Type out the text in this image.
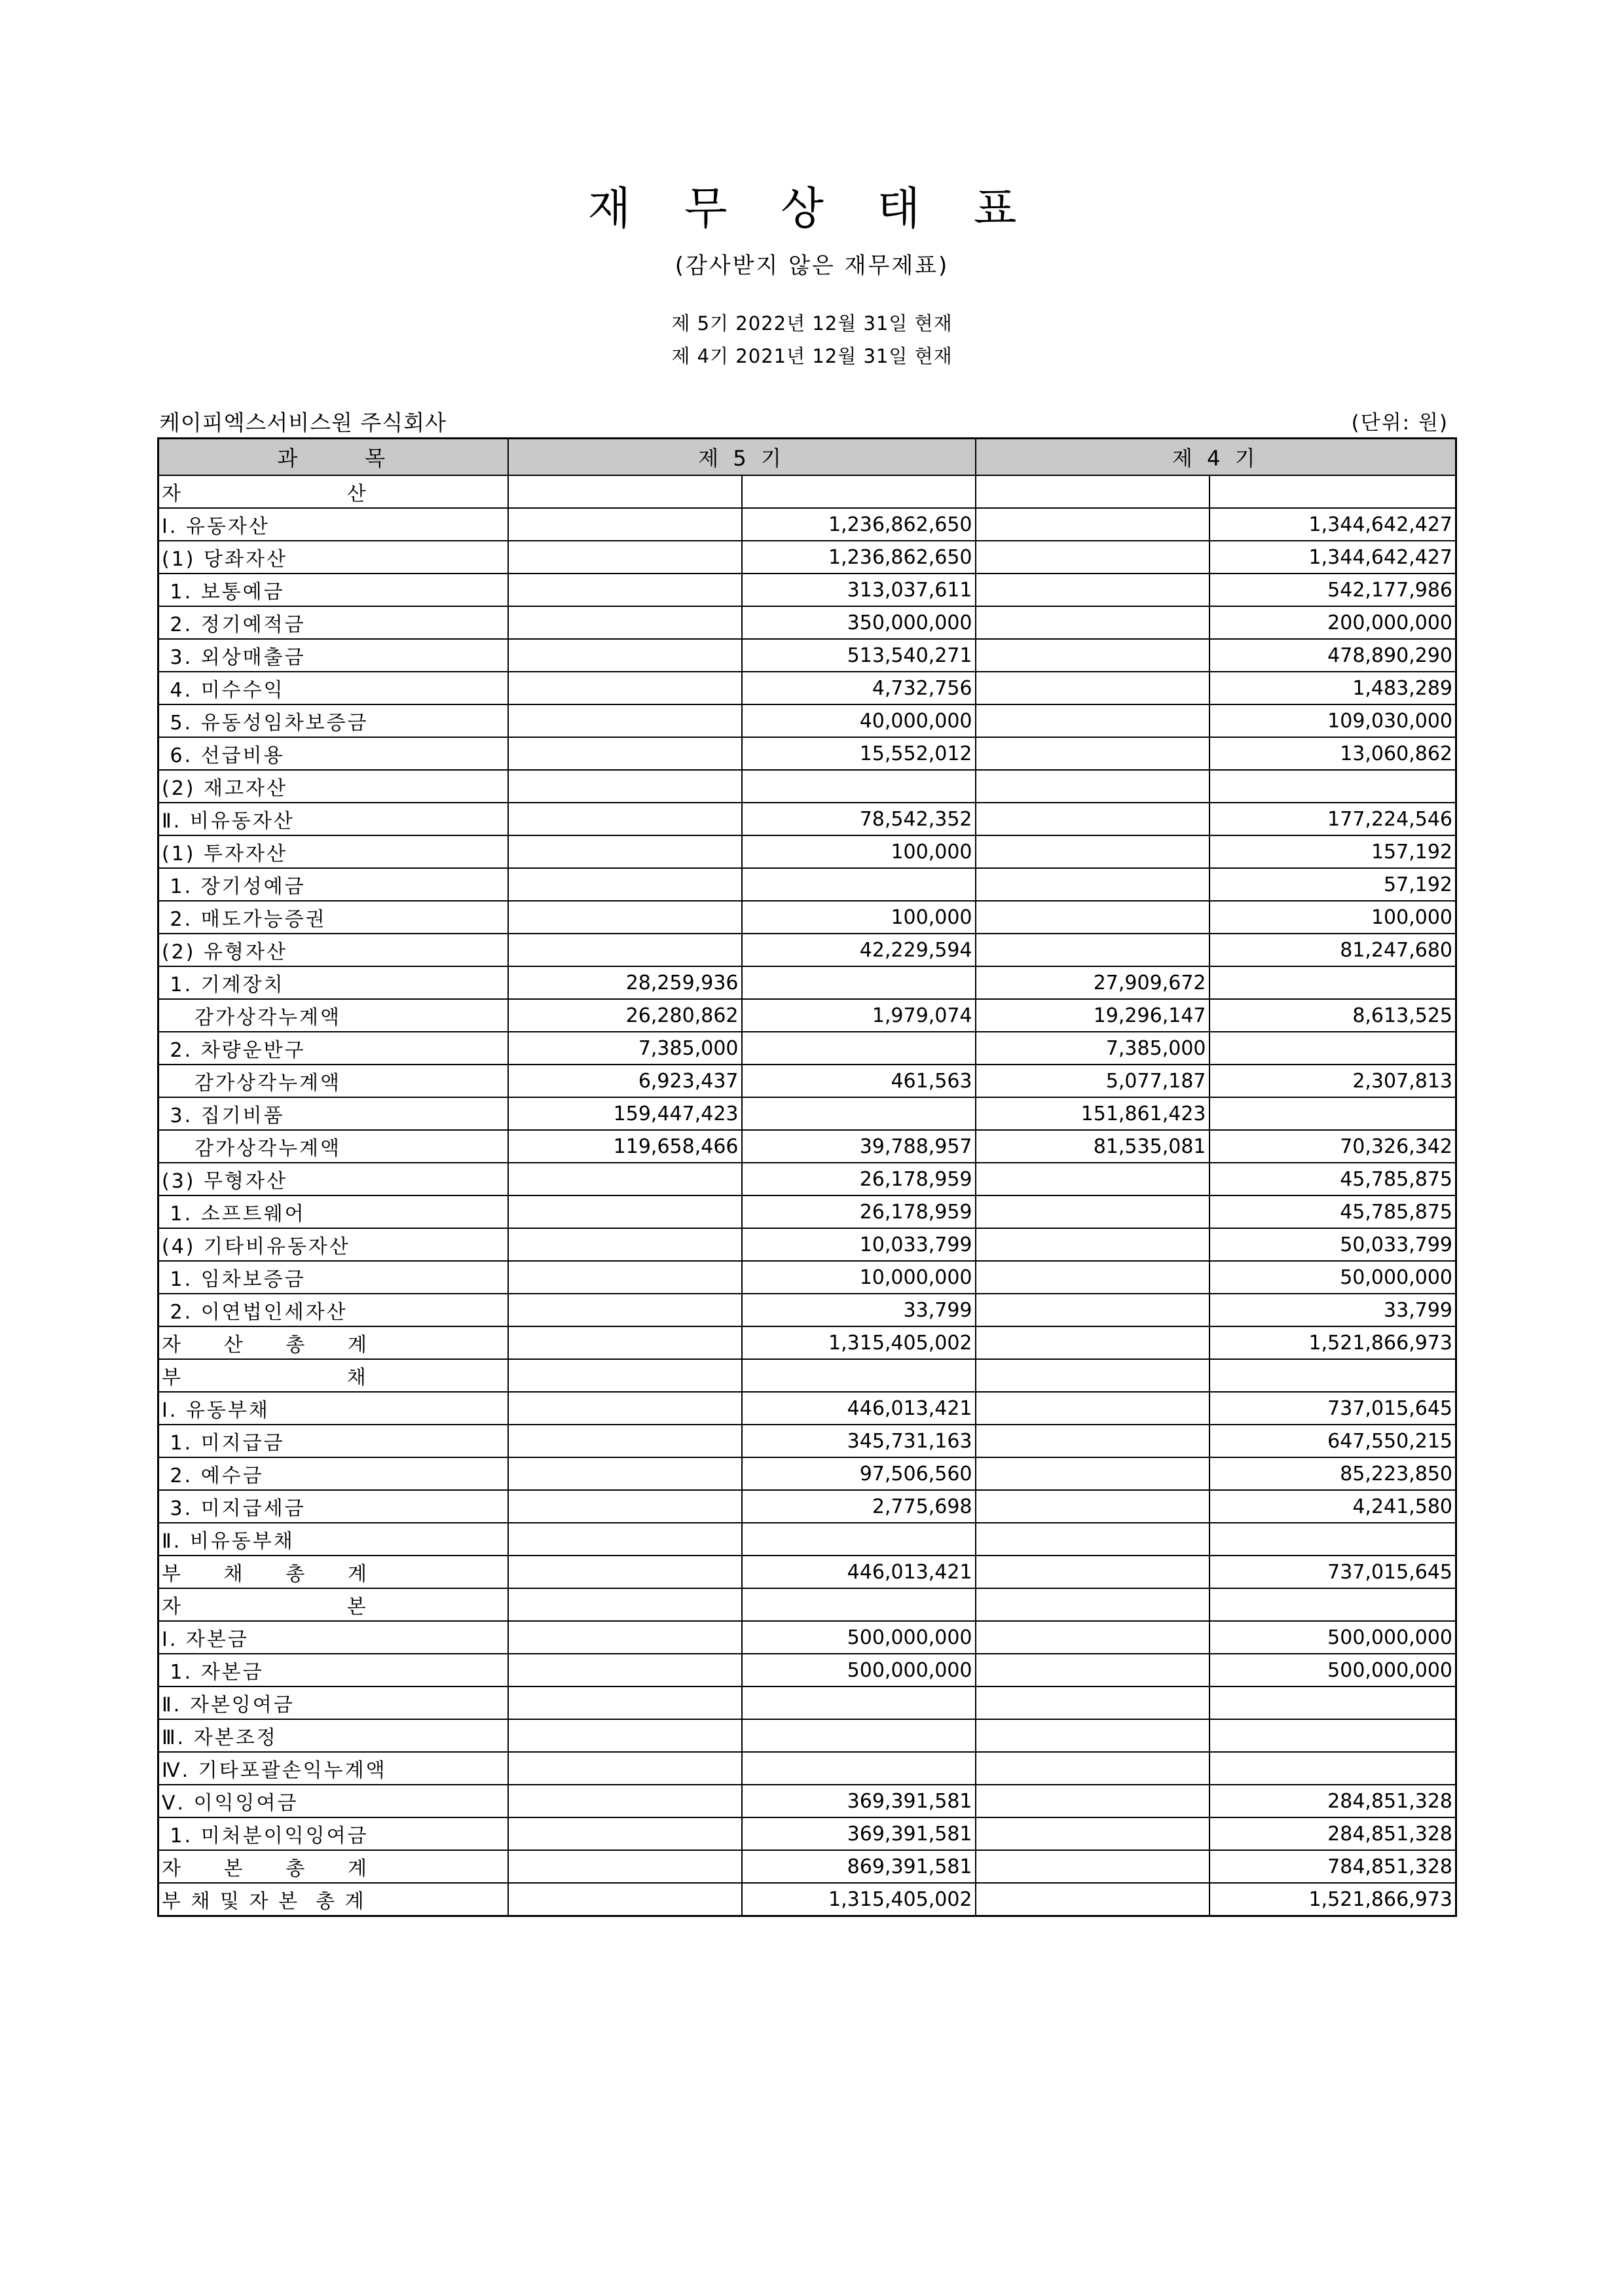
재 무 상 태 표
(감사받지 않은 재무제표)
제 5기 2022년 12월 31일 현재
제 4기 2021년 12월 31일 현재
케이피엑스서비스원 주식회사	(단위: 원)
과      목	제 5 기		제 4 기	
자                    산				
Ⅰ. 유동자산		1,236,862,650		1,344,642,427
(1) 당좌자산		1,236,862,650		1,344,642,427
1. 보통예금		313,037,611		542,177,986
2. 정기예적금		350,000,000		200,000,000
3. 외상매출금		513,540,271		478,890,290
4. 미수수익		4,732,756		1,483,289
5. 유동성임차보증금		40,000,000		109,030,000
6. 선급비용		15,552,012		13,060,862
(2) 재고자산				
Ⅱ. 비유동자산		78,542,352		177,224,546
(1) 투자자산		100,000		157,192
1. 장기성예금				57,192
2. 매도가능증권		100,000		100,000
(2) 유형자산		42,229,594		81,247,680
1. 기계장치	28,259,936		27,909,672	
감가상각누계액	26,280,862	1,979,074	19,296,147	8,613,525
2. 차량운반구	7,385,000		7,385,000	
감가상각누계액	6,923,437	461,563	5,077,187	2,307,813
3. 집기비품	159,447,423		151,861,423	
감가상각누계액	119,658,466	39,788,957	81,535,081	70,326,342
(3) 무형자산		26,178,959		45,785,875
1. 소프트웨어		26,178,959		45,785,875
(4) 기타비유동자산		10,033,799		50,033,799
1. 임차보증금		10,000,000		50,000,000
2. 이연법인세자산		33,799		33,799
자     산     총     계		1,315,405,002		1,521,866,973
부                    채				
Ⅰ. 유동부채		446,013,421		737,015,645
1. 미지급금		345,731,163		647,550,215
2. 예수금		97,506,560		85,223,850
3. 미지급세금		2,775,698		4,241,580
Ⅱ. 비유동부채				
부     채     총     계		446,013,421		737,015,645
자                    본				
Ⅰ. 자본금		500,000,000		500,000,000
1. 자본금		500,000,000		500,000,000
Ⅱ. 자본잉여금				
Ⅲ. 자본조정				
Ⅳ. 기타포괄손익누계액				
Ⅴ. 이익잉여금		369,391,581		284,851,328
1. 미처분이익잉여금		369,391,581		284,851,328
자     본     총     계		869,391,581		784,851,328
부 채 및 자 본  총 계		1,315,405,002		1,521,866,973
